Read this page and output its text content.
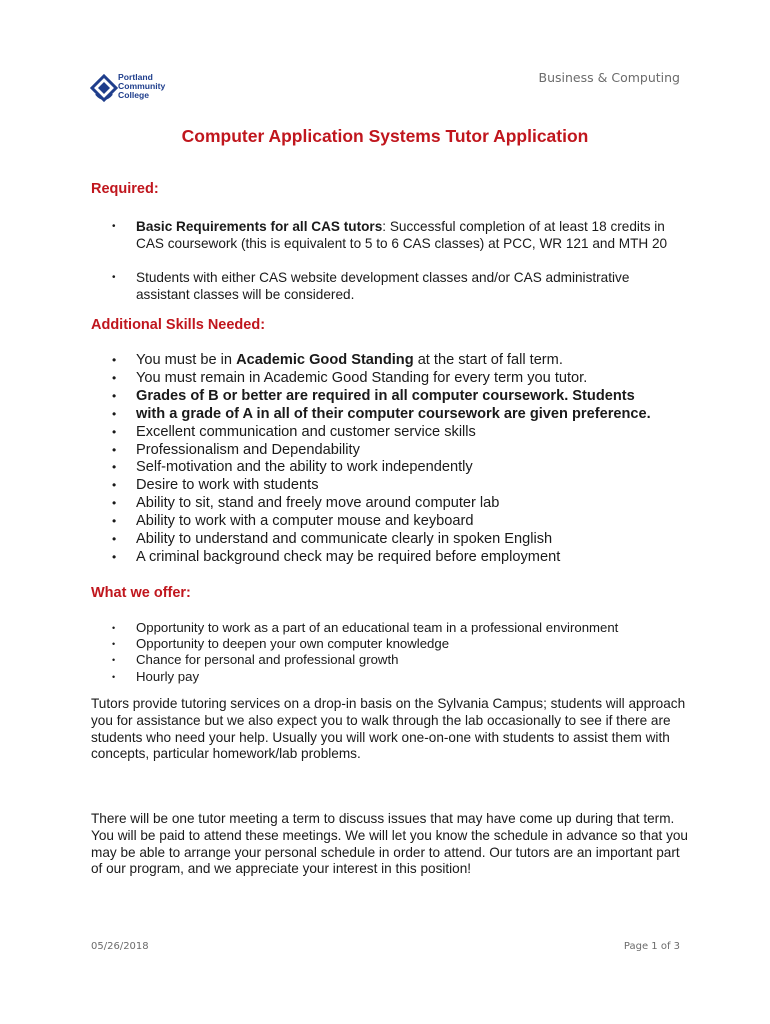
Portland
Community
College
Business & Computing
Computer Application Systems Tutor Application
Required:
• Basic Requirements for all CAS tutors: Successful completion of at least 18 credits in CAS coursework (this is equivalent to 5 to 6 CAS classes) at PCC, WR 121 and MTH 20
• Students with either CAS website development classes and/or CAS administrative assistant classes will be considered.
Additional Skills Needed:
• You must be in Academic Good Standing at the start of fall term.
• You must remain in Academic Good Standing for every term you tutor.
• Grades of B or better are required in all computer coursework. Students
• with a grade of A in all of their computer coursework are given preference.
• Excellent communication and customer service skills
• Professionalism and Dependability
• Self-motivation and the ability to work independently
• Desire to work with students
• Ability to sit, stand and freely move around computer lab
• Ability to work with a computer mouse and keyboard
• Ability to understand and communicate clearly in spoken English
• A criminal background check may be required before employment
What we offer:
• Opportunity to work as a part of an educational team in a professional environment
• Opportunity to deepen your own computer knowledge
• Chance for personal and professional growth
• Hourly pay
Tutors provide tutoring services on a drop-in basis on the Sylvania Campus; students will approach you for assistance but we also expect you to walk through the lab occasionally to see if there are students who need your help. Usually you will work one-on-one with students to assist them with concepts, particular homework/lab problems.
There will be one tutor meeting a term to discuss issues that may have come up during that term. You will be paid to attend these meetings. We will let you know the schedule in advance so that you may be able to arrange your personal schedule in order to attend. Our tutors are an important part of our program, and we appreciate your interest in this position!
05/26/2018	Page 1 of 3
